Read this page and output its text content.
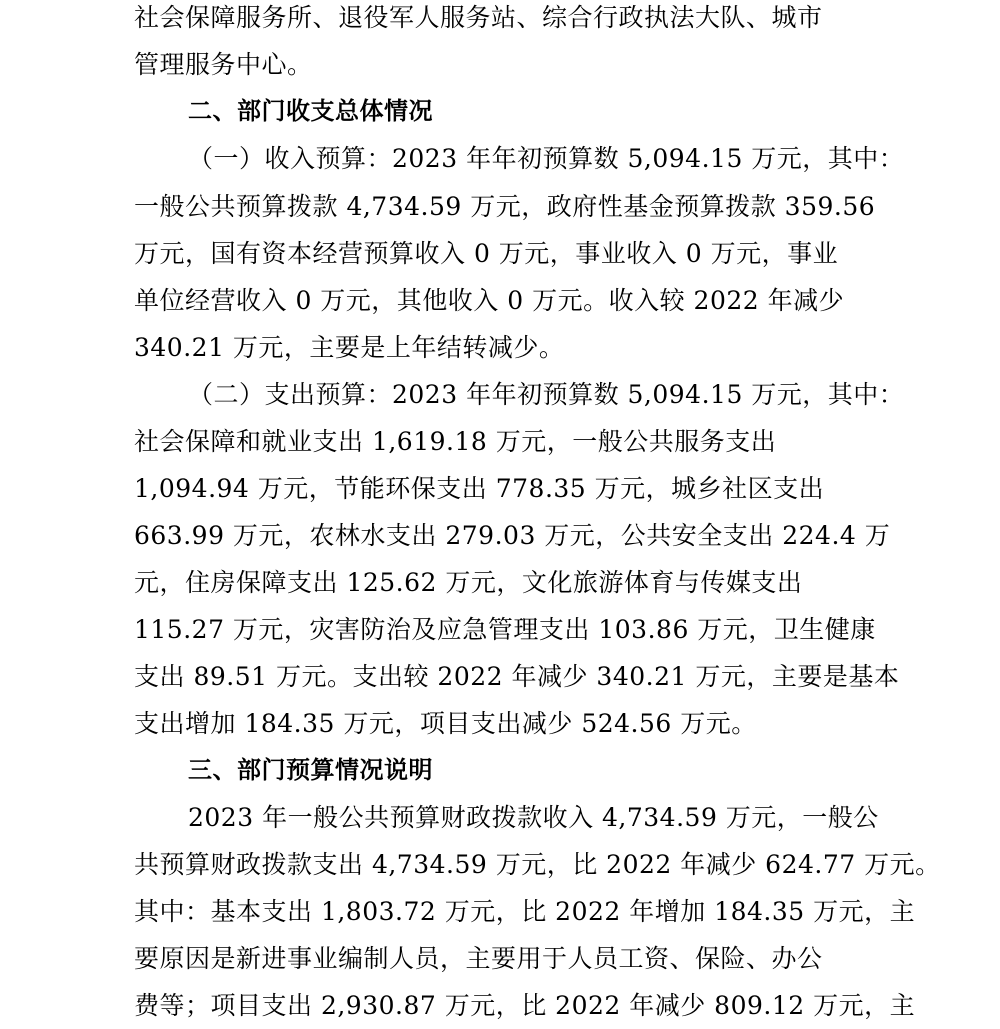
社会保障服务所、退役军人服务站、综合行政执法大队、城市
管理服务中心。
二、部门收支总体情况
（一）收入预算：2023 年年初预算数 5,094.15 万元，其中：
一般公共预算拨款 4,734.59 万元，政府性基金预算拨款 359.56
万元，国有资本经营预算收入 0 万元，事业收入 0 万元，事业
单位经营收入 0 万元，其他收入 0 万元。收入较 2022 年减少
340.21 万元，主要是上年结转减少。
（二）支出预算：2023 年年初预算数 5,094.15 万元，其中：
社会保障和就业支出 1,619.18 万元，一般公共服务支出
1,094.94 万元，节能环保支出 778.35 万元，城乡社区支出
663.99 万元，农林水支出 279.03 万元，公共安全支出 224.4 万
元，住房保障支出 125.62 万元，文化旅游体育与传媒支出
115.27 万元，灾害防治及应急管理支出 103.86 万元，卫生健康
支出 89.51 万元。支出较 2022 年减少 340.21 万元，主要是基本
支出增加 184.35 万元，项目支出减少 524.56 万元。
三、部门预算情况说明
2023 年一般公共预算财政拨款收入 4,734.59 万元，一般公
共预算财政拨款支出 4,734.59 万元，比 2022 年减少 624.77 万元。
其中：基本支出 1,803.72 万元，比 2022 年增加 184.35 万元，主
要原因是新进事业编制人员，主要用于人员工资、保险、办公
费等；项目支出 2,930.87 万元，比 2022 年减少 809.12 万元，主
